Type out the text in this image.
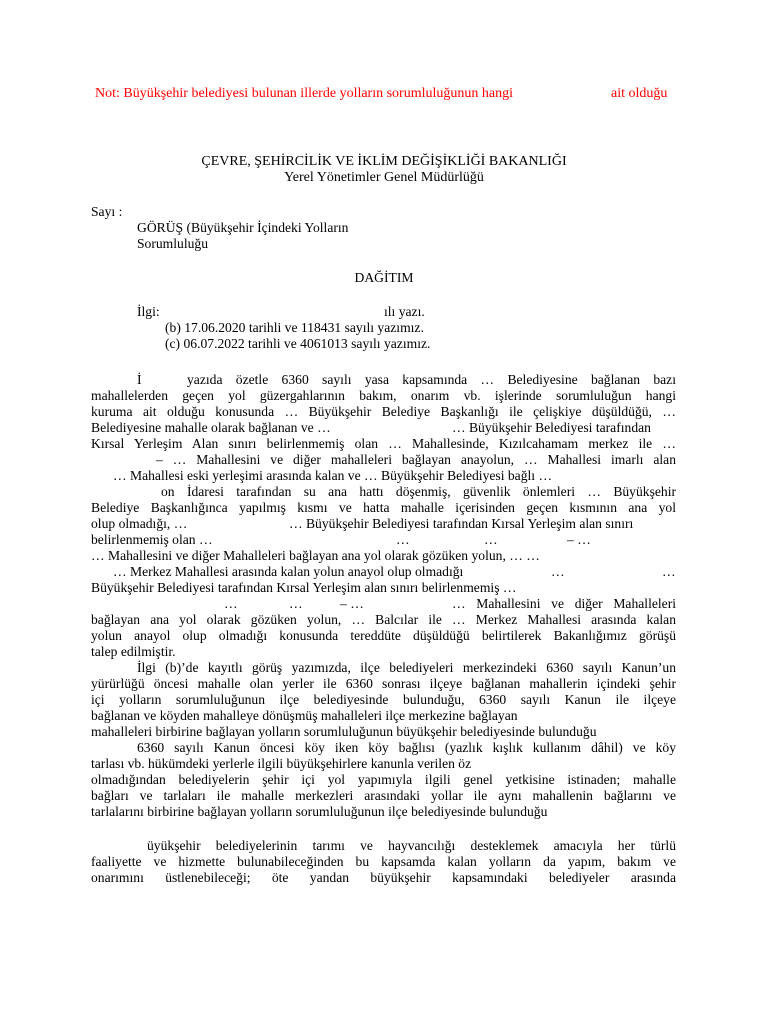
Not: Büyükşehir belediyesi bulunan illerde yolların sorumluluğunun hangi	ait olduğu
ÇEVRE, ŞEHİRCİLİK VE İKLİM DEĞİŞİKLİĞİ BAKANLIĞI
Yerel Yönetimler Genel Müdürlüğü
Sayı :
GÖRÜŞ (Büyükşehir İçindeki Yolların
Sorumluluğu
DAĞİTIM
İlgi:	ılı yazı.
(b) 17.06.2020 tarihli ve 118431 sayılı yazımız.
(c) 06.07.2022 tarihli ve 4061013 sayılı yazımız.
İ	yazıda özetle 6360 sayılı yasa kapsamında … Belediyesine bağlanan bazı
mahallelerden geçen yol güzergahlarının bakım, onarım vb. işlerinde sorumluluğun hangi
kuruma ait olduğu konusunda … Büyükşehir Belediye Başkanlığı ile çelişkiye düşüldüğü, …
Belediyesine mahalle olarak bağlanan ve …	… Büyükşehir Belediyesi tarafından
Kırsal Yerleşim Alan sınırı belirlenmemiş olan … Mahallesinde, Kızılcahamam merkez ile …
– … Mahallesini ve diğer mahalleleri bağlayan anayolun, … Mahallesi imarlı alan
… Mahallesi eski yerleşimi arasında kalan ve … Büyükşehir Belediyesi bağlı …
on İdaresi tarafından su ana hattı döşenmiş, güvenlik önlemleri … Büyükşehir
Belediye Başkanlığınca yapılmış kısmı ve hatta mahalle içerisinden geçen kısmının ana yol
olup olmadığı, …	… Büyükşehir Belediyesi tarafından Kırsal Yerleşim alan sınırı
belirlenmemiş olan …	…	…	– …
… Mahallesini ve diğer Mahalleleri bağlayan ana yol olarak gözüken yolun, … …
… Merkez Mahallesi arasında kalan yolun anayol olup olmadığı	…	…
Büyükşehir Belediyesi tarafından Kırsal Yerleşim alan sınırı belirlenmemiş …
…	…	– …	… Mahallesini ve diğer Mahalleleri
bağlayan ana yol olarak gözüken yolun, … Balcılar ile … Merkez Mahallesi arasında kalan
yolun anayol olup olmadığı konusunda tereddüte düşüldüğü belirtilerek Bakanlığımız görüşü
talep edilmiştir.
İlgi (b)’de kayıtlı görüş yazımızda, ilçe belediyeleri merkezindeki 6360 sayılı Kanun’un
yürürlüğü öncesi mahalle olan yerler ile 6360 sonrası ilçeye bağlanan mahallerin içindeki şehir
içi yolların sorumluluğunun ilçe belediyesinde bulunduğu, 6360 sayılı Kanun ile ilçeye
bağlanan ve köyden mahalleye dönüşmüş mahalleleri ilçe merkezine bağlayan
mahalleleri birbirine bağlayan yolların sorumluluğunun büyükşehir belediyesinde bulunduğu
6360 sayılı Kanun öncesi köy iken köy bağlısı (yazlık kışlık kullanım dâhil) ve köy
tarlası vb. hükümdeki yerlerle ilgili büyükşehirlere kanunla verilen öz
olmadığından belediyelerin şehir içi yol yapımıyla ilgili genel yetkisine istinaden; mahalle
bağları ve tarlaları ile mahalle merkezleri arasındaki yollar ile aynı mahallenin bağlarını ve
tarlalarını birbirine bağlayan yolların sorumluluğunun ilçe belediyesinde bulunduğu
üyükşehir belediyelerinin tarımı ve hayvancılığı desteklemek amacıyla her türlü
faaliyette ve hizmette bulunabileceğinden bu kapsamda kalan yolların da yapım, bakım ve
onarımını üstlenebileceği; öte yandan büyükşehir kapsamındaki belediyeler arasında
